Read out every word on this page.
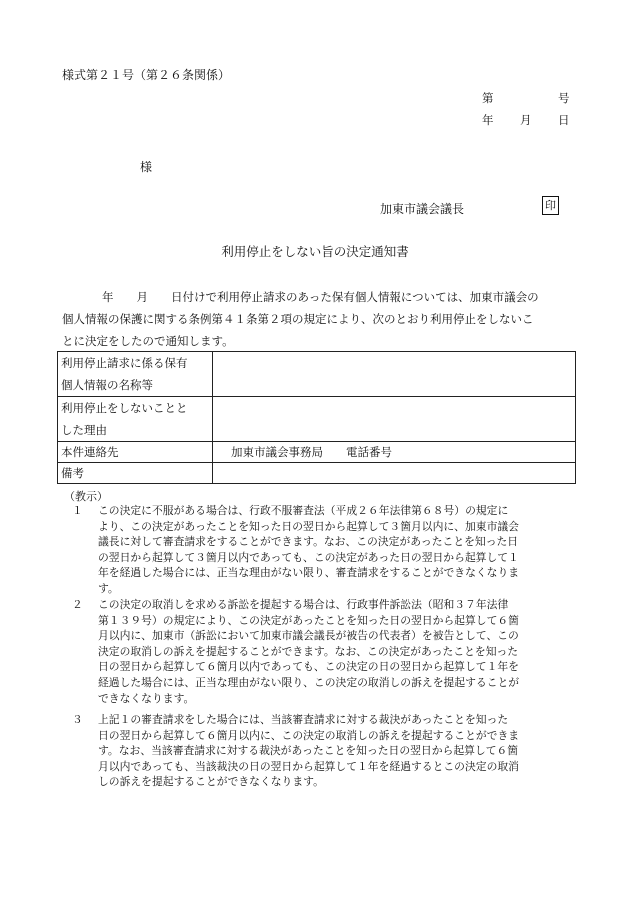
様式第２１号（第２６条関係）
第	号
年 月 日
様
加東市議会議長	印
利用停止をしない旨の決定通知書
年　　月　　日付けで利用停止請求のあった保有個人情報については、加東市議会の
個人情報の保護に関する条例第４１条第２項の規定により、次のとおり利用停止をしないこ
とに決定をしたので通知します。
利用停止請求に係る保有
個人情報の名称等	

利用停止をしないことと
した理由	

本件連絡先	加東市議会事務局　　電話番号
備考	
（教示）
１ この決定に不服がある場合は、行政不服審査法（平成２６年法律第６８号）の規定に
より、この決定があったことを知った日の翌日から起算して３箇月以内に、加東市議会
議長に対して審査請求をすることができます。なお、この決定があったことを知った日
の翌日から起算して３箇月以内であっても、この決定があった日の翌日から起算して１
年を経過した場合には、正当な理由がない限り、審査請求をすることができなくなりま
す。
２ この決定の取消しを求める訴訟を提起する場合は、行政事件訴訟法（昭和３７年法律
第１３９号）の規定により、この決定があったことを知った日の翌日から起算して６箇
月以内に、加東市（訴訟において加東市議会議長が被告の代表者）を被告として、この
決定の取消しの訴えを提起することができます。なお、この決定があったことを知った
日の翌日から起算して６箇月以内であっても、この決定の日の翌日から起算して１年を
経過した場合には、正当な理由がない限り、この決定の取消しの訴えを提起することが
できなくなります。
３ 上記１の審査請求をした場合には、当該審査請求に対する裁決があったことを知った
日の翌日から起算して６箇月以内に、この決定の取消しの訴えを提起することができま
す。なお、当該審査請求に対する裁決があったことを知った日の翌日から起算して６箇
月以内であっても、当該裁決の日の翌日から起算して１年を経過するとこの決定の取消
しの訴えを提起することができなくなります。
